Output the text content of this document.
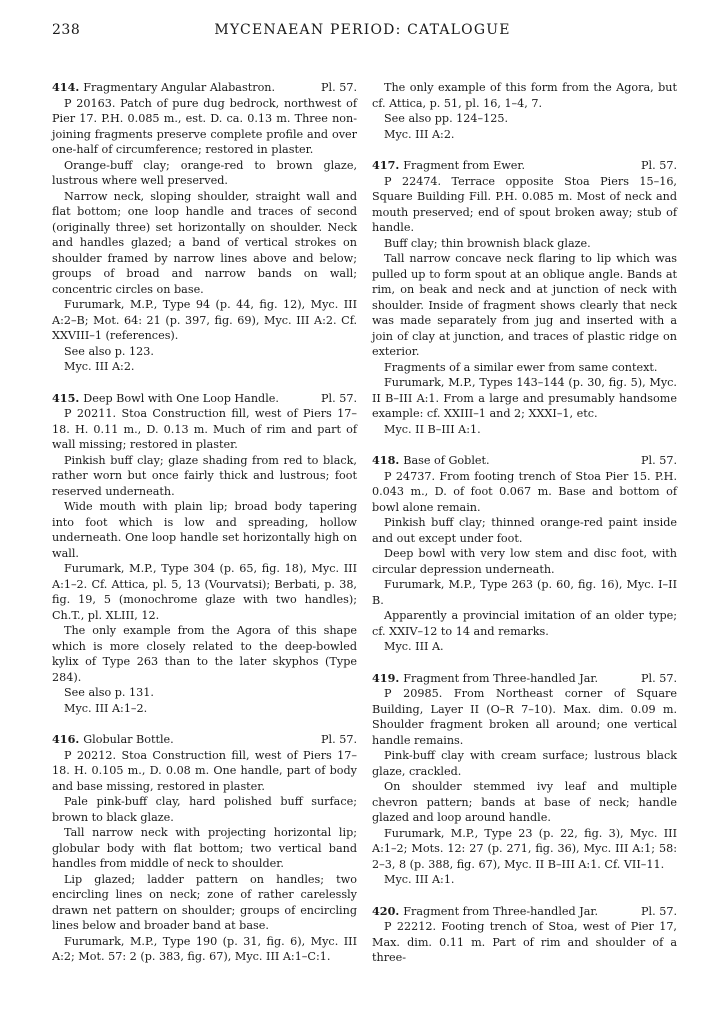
238	MYCENAEAN PERIOD: CATALOGUE
414. Fragmentary Angular Alabastron.	Pl. 57.

P 20163. Patch of pure dug bedrock, northwest of Pier 17. P.H. 0.085 m., est. D. ca. 0.13 m. Three non-joining fragments preserve complete profile and over one-half of circumference; restored in plaster.

Orange-buff clay; orange-red to brown glaze, lustrous where well preserved.

Narrow neck, sloping shoulder, straight wall and flat bottom; one loop handle and traces of second (originally three) set horizontally on shoulder. Neck and handles glazed; a band of vertical strokes on shoulder framed by narrow lines above and below; groups of broad and narrow bands on wall; concentric circles on base.

Furumark, M.P., Type 94 (p. 44, fig. 12), Myc. III A:2–B; Mot. 64: 21 (p. 397, fig. 69), Myc. III A:2. Cf. XXVIII–1 (references).

See also p. 123.

Myc. III A:2.

415. Deep Bowl with One Loop Handle.	Pl. 57.

P 20211. Stoa Construction fill, west of Piers 17–18. H. 0.11 m., D. 0.13 m. Much of rim and part of wall missing; restored in plaster.

Pinkish buff clay; glaze shading from red to black, rather worn but once fairly thick and lustrous; foot reserved underneath.

Wide mouth with plain lip; broad body tapering into foot which is low and spreading, hollow underneath. One loop handle set horizontally high on wall.

Furumark, M.P., Type 304 (p. 65, fig. 18), Myc. III A:1–2. Cf. Attica, pl. 5, 13 (Vourvatsi); Berbati, p. 38, fig. 19, 5 (monochrome glaze with two handles); Ch.T., pl. XLIII, 12.

The only example from the Agora of this shape which is more closely related to the deep-bowled kylix of Type 263 than to the later skyphos (Type 284).

See also p. 131.

Myc. III A:1–2.

416. Globular Bottle.	Pl. 57.

P 20212. Stoa Construction fill, west of Piers 17–18. H. 0.105 m., D. 0.08 m. One handle, part of body and base missing, restored in plaster.

Pale pink-buff clay, hard polished buff surface; brown to black glaze.

Tall narrow neck with projecting horizontal lip; globular body with flat bottom; two vertical band handles from middle of neck to shoulder.

Lip glazed; ladder pattern on handles; two encircling lines on neck; zone of rather carelessly drawn net pattern on shoulder; groups of encircling lines below and broader band at base.

Furumark, M.P., Type 190 (p. 31, fig. 6), Myc. III A:2; Mot. 57: 2 (p. 383, fig. 67), Myc. III A:1–C:1.

The only example of this form from the Agora, but cf. Attica, p. 51, pl. 16, 1–4, 7.

See also pp. 124–125.

Myc. III A:2.

417. Fragment from Ewer.	Pl. 57.

P 22474. Terrace opposite Stoa Piers 15–16, Square Building Fill. P.H. 0.085 m. Most of neck and mouth preserved; end of spout broken away; stub of handle.

Buff clay; thin brownish black glaze.

Tall narrow concave neck flaring to lip which was pulled up to form spout at an oblique angle. Bands at rim, on beak and neck and at junction of neck with shoulder. Inside of fragment shows clearly that neck was made separately from jug and inserted with a join of clay at junction, and traces of plastic ridge on exterior.

Fragments of a similar ewer from same context.

Furumark, M.P., Types 143–144 (p. 30, fig. 5), Myc. II B–III A:1. From a large and presumably handsome example: cf. XXIII–1 and 2; XXXI–1, etc.

Myc. II B–III A:1.

418. Base of Goblet.	Pl. 57.

P 24737. From footing trench of Stoa Pier 15. P.H. 0.043 m., D. of foot 0.067 m. Base and bottom of bowl alone remain.

Pinkish buff clay; thinned orange-red paint inside and out except under foot.

Deep bowl with very low stem and disc foot, with circular depression underneath.

Furumark, M.P., Type 263 (p. 60, fig. 16), Myc. I–II B.

Apparently a provincial imitation of an older type; cf. XXIV–12 to 14 and remarks.

Myc. III A.

419. Fragment from Three-handled Jar.	Pl. 57.

P 20985. From Northeast corner of Square Building, Layer II (O–R 7–10). Max. dim. 0.09 m. Shoulder fragment broken all around; one vertical handle remains.

Pink-buff clay with cream surface; lustrous black glaze, crackled.

On shoulder stemmed ivy leaf and multiple chevron pattern; bands at base of neck; handle glazed and loop around handle.

Furumark, M.P., Type 23 (p. 22, fig. 3), Myc. III A:1–2; Mots. 12: 27 (p. 271, fig. 36), Myc. III A:1; 58: 2–3, 8 (p. 388, fig. 67), Myc. II B–III A:1. Cf. VII–11.

Myc. III A:1.

420. Fragment from Three-handled Jar.	Pl. 57.

P 22212. Footing trench of Stoa, west of Pier 17, Max. dim. 0.11 m. Part of rim and shoulder of a three-
